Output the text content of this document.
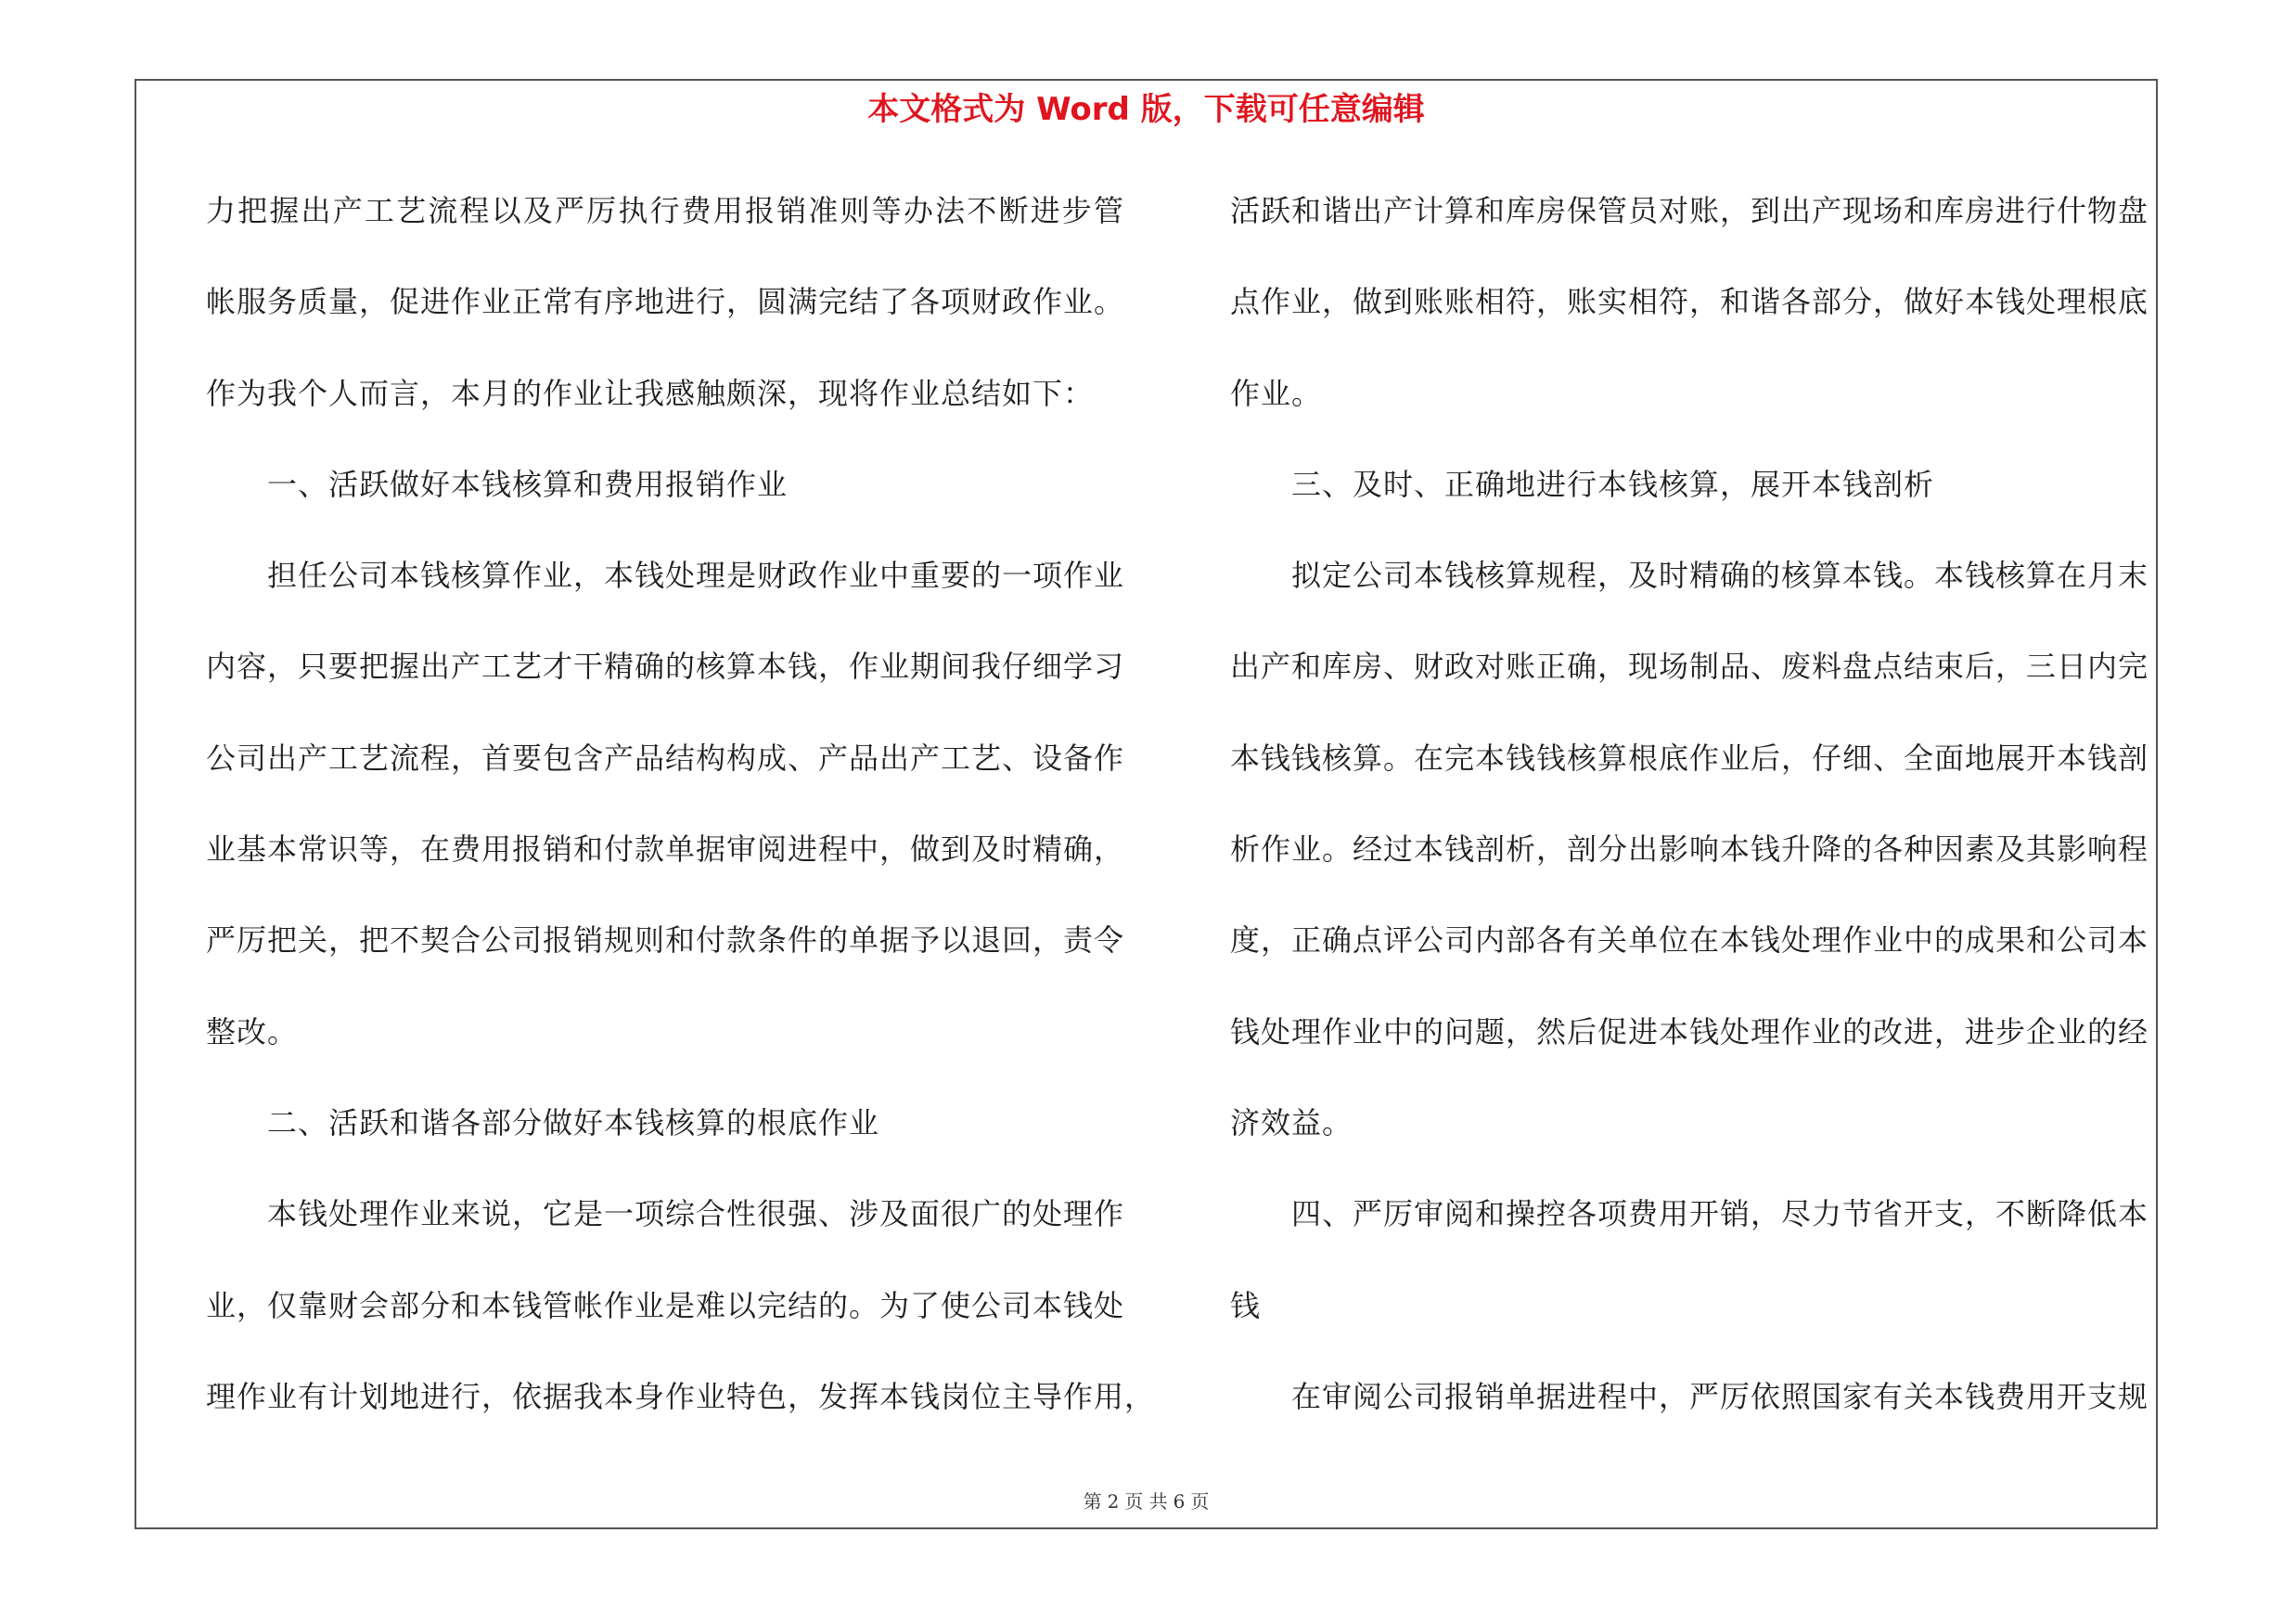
本文格式为 Word 版，下载可任意编辑
力把握出产工艺流程以及严厉执行费用报销准则等办法不断进步管
帐服务质量，促进作业正常有序地进行，圆满完结了各项财政作业。
作为我个人而言，本月的作业让我感触颇深，现将作业总结如下：
一、活跃做好本钱核算和费用报销作业
担任公司本钱核算作业，本钱处理是财政作业中重要的一项作业
内容，只要把握出产工艺才干精确的核算本钱，作业期间我仔细学习
公司出产工艺流程，首要包含产品结构构成、产品出产工艺、设备作
业基本常识等，在费用报销和付款单据审阅进程中，做到及时精确，
严厉把关，把不契合公司报销规则和付款条件的单据予以退回，责令
整改。
二、活跃和谐各部分做好本钱核算的根底作业
本钱处理作业来说，它是一项综合性很强、涉及面很广的处理作
业，仅靠财会部分和本钱管帐作业是难以完结的。为了使公司本钱处
理作业有计划地进行，依据我本身作业特色，发挥本钱岗位主导作用，
活跃和谐出产计算和库房保管员对账，到出产现场和库房进行什物盘
点作业，做到账账相符，账实相符，和谐各部分，做好本钱处理根底
作业。
三、及时、正确地进行本钱核算，展开本钱剖析
拟定公司本钱核算规程，及时精确的核算本钱。本钱核算在月末
出产和库房、财政对账正确，现场制品、废料盘点结束后，三日内完
本钱钱核算。在完本钱钱核算根底作业后，仔细、全面地展开本钱剖
析作业。经过本钱剖析，剖分出影响本钱升降的各种因素及其影响程
度，正确点评公司内部各有关单位在本钱处理作业中的成果和公司本
钱处理作业中的问题，然后促进本钱处理作业的改进，进步企业的经
济效益。
四、严厉审阅和操控各项费用开销，尽力节省开支，不断降低本
钱
在审阅公司报销单据进程中，严厉依照国家有关本钱费用开支规
第 2 页 共 6 页
